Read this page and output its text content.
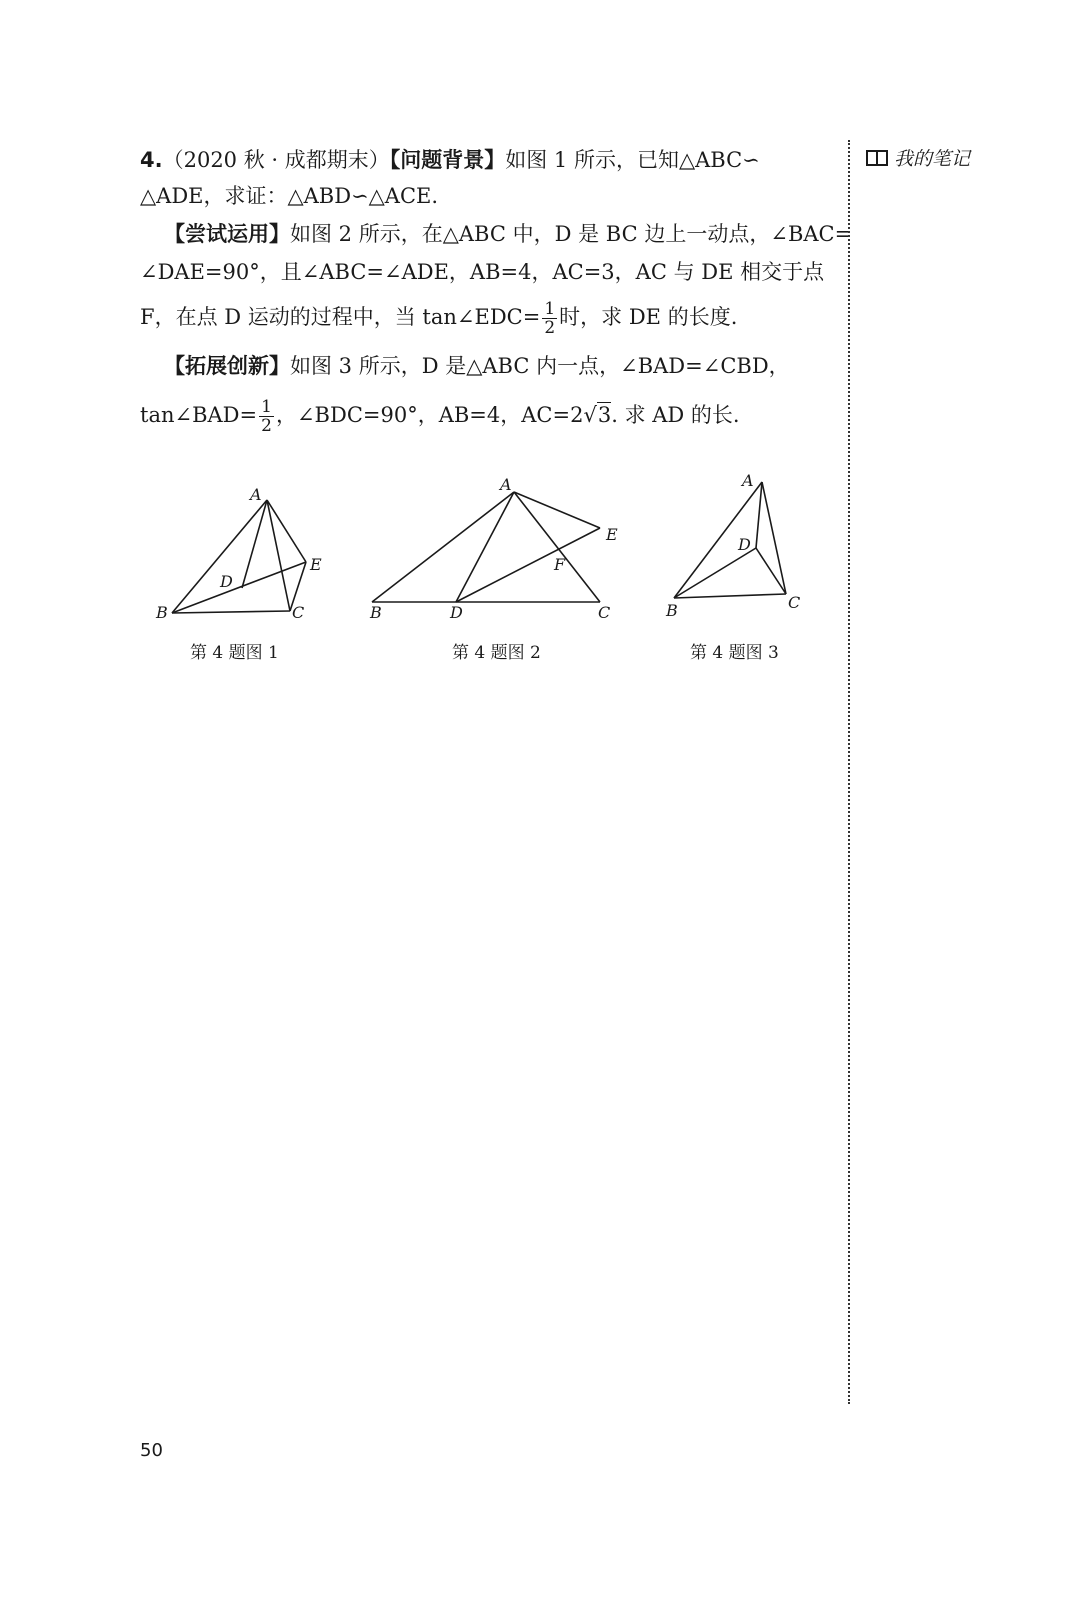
4.（2020 秋 · 成都期末）【问题背景】如图 1 所示，已知△ABC∽
△ADE，求证：△ABD∽△ACE.
【尝试运用】如图 2 所示，在△ABC 中，D 是 BC 边上一动点，∠BAC=
∠DAE=90°，且∠ABC=∠ADE，AB=4，AC=3，AC 与 DE 相交于点
F，在点 D 运动的过程中，当 tan∠EDC= $\frac{1}{2}$ 时，求 DE 的长度.
【拓展创新】如图 3 所示，D 是△ABC 内一点，∠BAD=∠CBD，
tan∠BAD= $\frac{1}{2}$ ，∠BDC=90°，AB=4，AC=2√3. 求 AD 的长.
A
B	C
D
E
第 4 题图 1
A
B	C
D
E
F
第 4 题图 2
A
B	C
D
第 4 题图 3
我的笔记
50
